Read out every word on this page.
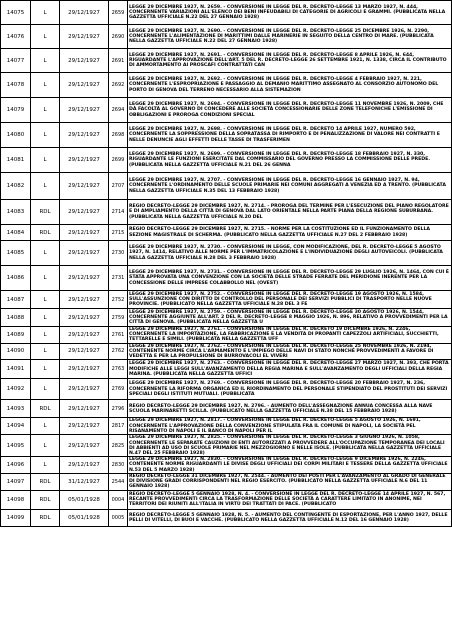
14075	L	29/12/1927	2659	LEGGE 29 DICEMBRE 1927, N. 2659. - CONVERSIONE IN LEGGE DEL R. DECRETO-LEGGE 13 MARZO 1927, N. 444, CONCERNENTE VARIAZIONI ALL'ELENCO DEI BENI INFEUDABILI DI CATEGORIE DI AGRICOLI E GRAMMI. (PUBBLICATA NELLA GAZZETTA UFFICIALE N.22 DEL 27 GENNAIO 1928)
14076	L	29/12/1927	2690	LEGGE 29 DICEMBRE 1927, N. 2690. - CONVERSIONE IN LEGGE DEL R. DECRETO-LEGGE 25 DICEMBRE 1926, N. 2290, CONCERNENTE L'ALIMENTAZIONE DI MARITTIMI DALLE MARINERIE IN SEGUITO DELLA CENTRO DI MARE. (PUBBLICATA NELLA GAZZETTA UFFICIALE N.22 DEL 27 GENNAIO 1928)
14077	L	29/12/1927	2691	LEGGE 29 DICEMBRE 1927, N. 2691. - CONVERSIONE IN LEGGE DEL R. DECRETO-LEGGE 8 APRILE 1926, N. 644, RIGUARDANTE L'APPROVAZIONE DELL'ART. 5 DEL R. DECRETO-LEGGE 26 SETTEMBRE 1921, N. 1338, CIRCA IL CONTRIBUTO DI AMMORTAMENTO AI PROSCAFI CONTRATTATI CAN
14078	L	29/12/1927	2692	LEGGE 29 DICEMBRE 1927, N. 2692. - CONVERSIONE IN LEGGE DEL R. DECRETO-LEGGE 4 FEBBRAIO 1927, N. 221, CONCERNENTE L'ESPROPRIAZIONE E PASSAGGIO AL DEMANIO MARITTIMO ASSEGNATO AL CONSORZIO AUTONOMO DEL PORTO DI GENOVA DEL TERRENO NECESSARIO ALLA SISTEMAZION
14079	L	29/12/1927	2694	LEGGE 29 DICEMBRE 1927, N. 2694. - CONVERSIONE IN LEGGE DEL R. DECRETO-LEGGE 11 NOVEMBRE 1926, N. 2009, CHE DÀ FACOLTÀ AL GOVERNO DI CONCEDERE ALLE SOCIETÀ CONCESSIONARIE DELLE ZONE TELEFONICHE L'EMISSIONE DI OBBLIGAZIONI E PROROGA CONDIZIONI SPECIAL
14080	L	29/12/1927	2698	LEGGE 29 DICEMBRE 1927, N. 2698. - CONVERSIONE IN LEGGE DEL R. DECRETO 14 APRILE 1927, NUMERO 592, CONCERNENTE LA SOPPRESSIONE DELLA SOPRATASSA DI RIMPORTO E DI PENALIZZAZIONE DI VALORE NEI CONTRATTI E NELLE DENUNCIE AGLI EFFETTI DELLE TASSE DI TRASFERIMEN
14081	L	29/12/1927	2699	LEGGE 29 DICEMBRE 1927, N. 2699. - CONVERSIONE IN LEGGE DEL R. DECRETO-LEGGE 18 FEBBRAIO 1927, N. 330, RIGUARDANTE LE FUNZIONI ESERCITATE DAL COMMISSARIO DEL GOVERNO PRESSO LA COMMISSIONE DELLE PREDE. (PUBBLICATA NELLA GAZZETTA UFFICIALE N.21 DEL 26 GENNA
14082	L	29/12/1927	2707	LEGGE 29 DICEMBRE 1927, N. 2707. - CONVERSIONE IN LEGGE DEL R. DECRETO-LEGGE 16 GENNAIO 1927, N. 94, CONCERNENTE L'ORDINAMENTO DELLE SCUOLE PRIMARIE NEI COMUNI AGGREGATI A VENEZIA ED A TRENTO. (PUBBLICATA NELLA GAZZETTA UFFICIALE N.35 DEL 13 FEBBRAIO 1928)
14083	RDL	29/12/1927	2714	REGIO DECRETO-LEGGE 29 DICEMBRE 1927, N. 2714. - PROROGA DEL TERMINE PER L'ESECUZIONE DEL PIANO REGOLATORE E DI AMPLIAMENTO DELLA CITTÀ DI GENOVA DAL LATO ORIENTALE NELLA PARTE PIANA DELLA REGIONE SUBURBANA. (PUBBLICATA NELLA GAZZETTA UFFICIALE N.20 DEL
14084	RDL	29/12/1927	2715	REGIO DECRETO-LEGGE 29 DICEMBRE 1927, N. 2715. - NORME PER LA COSTITUZIONE ED IL FUNZIONAMENTO DELLA SEZIONE MAGISTRALE DI SCHERMA. (PUBBLICATO NELLA GAZZETTA UFFICIALE N.27 DEL 2 FEBBRAIO 1928)
14085	L	29/12/1927	2730	LEGGE 29 DICEMBRE 1927, N. 2730. - CONVERSIONE IN LEGGE, CON MODIFICAZIONE, DEL R. DECRETO-LEGGE 5 AGOSTO 1927, N. 1414, RELATIVO ALLE NORME PER L'IMMATRICOLAZIONE E L'INDIVIDUAZIONE DEGLI AUTOVEICOLI. (PUBBLICATA NELLA GAZZETTA UFFICIALE N.28 DEL 3 FEBBRAIO 1928)
14086	L	29/12/1927	2731	LEGGE 29 DICEMBRE 1927, N. 2731. - CONVERSIONE IN LEGGE DEL R. DECRETO-LEGGE 29 LUGLIO 1926, N. 1464, CON CUI È STATA APPROVATA UNA CONVENZIONE CON LA SOCIETÀ DELLE STRADE FERRATE DEL MERIDIONE INERENTE PER LA CONCESSIONE DELLE IMPRESE COLABBOLLO NEL (OVEST)
14087	L	29/12/1927	2752	LEGGE 29 DICEMBRE 1927, N. 2752. - CONVERSIONE IN LEGGE DEL R. DECRETO-LEGGE 19 AGOSTO 1926, N. 1584, SULL'ASSUNZIONE CON DIRITTO DI CONTROLLO DEL PERSONALE DEI SERVIZI PUBBLICI DI TRASPORTO NELLE NUOVE PROVINCIE. (PUBBLICATO NELLA GAZZETTA UFFICIALE N.28 DEL 3 FE
14088	L	29/12/1927	2759	LEGGE 29 DICEMBRE 1927, N. 2759. - CONVERSIONE IN LEGGE DEL R. DECRETO-LEGGE 30 AGOSTO 1926, N. 1544, CONCERNENTE AGGIUNTE ALL'ART. 2 DEL R. DECRETO-LEGGE 8 MAGGIO 1926, N. 896, RELATIVO A PROVVEDIMENTI PER LA CITTÀ DI GENOVA. (PUBBLICATA NELLA GAZZETTA U
14089	L	29/12/1927	2761	LEGGE 29 DICEMBRE 1927, N. 2761. - CONVERSIONE IN LEGGE DEL R. DECRETO 19 DICEMBRE 1926, N. 2246, CONCERNENTE LA IMPORTAZIONE, LA FABBRICAZIONE E LA VENDITA DI PROPANTI CAPEZZOLI ARTIFICIALI, SUCCHIETTI, TETTARELLE E SIMILI. (PUBBLICATA NELLA GAZZETTA UFF
14090	L	29/12/1927	2762	LEGGE 29 DICEMBRE 1927, N. 2762. - CONVERSIONE IN LEGGE DEL R. DECRETO-LEGGE 25 NOVEMBRE 1926, N. 2194, CONTENENTE NORME CIRCA L'ARMAMENTO E L'IMPIEGO DELLE NAVI DI STATO NONCHÉ PROVVEDIMENTI A FAVORE DI VEDETTA E PER LA PROPULSIONE DI BURROVACOLI EL VIVERI
14091	L	29/12/1927	2763	LEGGE 29 DICEMBRE 1927, N. 2763. - CONVERSIONE IN LEGGE DEL R. DECRETO-LEGGE 27 MARZO 1927, N. 393, CHE PORTA MODIFICHE ALLE LEGGI SULL'AVANZAMENTO DELLA REGIA MARINA E SULL'AVANZAMENTO DEGLI UFFICIALI DELLA REGIA MARINA. (PUBBLICATA NELLA GAZZETTA UFFICI
14092	L	29/12/1927	2769	LEGGE 29 DICEMBRE 1927, N. 2769. - CONVERSIONE IN LEGGE DEL R. DECRETO-LEGGE 20 FEBBRAIO 1927, N. 236, CONCERNENTE LA RIFORMA ORGANICA ED IL RIORDINAMENTO DEL PERSONALE STIPENDIATO DEL PROSTITUTI DEI SERVIZI SPECIALI DEGLI ISTITUTI MUTUALI. (PUBBLICATA
14093	RDL	29/12/1927	2796	REGIO DECRETO-LEGGE 29 DICEMBRE 1927, N. 2796. - AUMENTO DELL'ASSEGNAZIONE ANNUA CONCESSA ALLA NAVE SCUOLA MARINARETTI SCILLA. (PUBBLICATO NELLA GAZZETTA UFFICIALE N.38 DEL 15 FEBBRAIO 1928)
14094	L	29/12/1927	2817	LEGGE 29 DICEMBRE 1927, N. 2817. - CONVERSIONE IN LEGGE DEL R. DECRETO-LEGGE 5 AGOSTO 1926, N. 1691, CONCERNENTE L'APPROVAZIONE DELLA CONVENZIONE STIPULATA FRA IL COMUNE DI NAPOLI, LA SOCIETÀ PEL RISANAMENTO DI NAPOLI E IL BANCO DI NAPOLI PER IL
14095	L	29/12/1927	2825	LEGGE 29 DICEMBRE 1927, N. 2825. - CONVERSIONE IN LEGGE DEL R. DECRETO-LEGGE 3 GIUGNO 1926, N. 1058, CONCERNENTE LE SEPARATE CAUZIONI DI ENTI AUTORIZZATI A PROVVEDERE ALL'OCCUPAZIONE TEMPORANEA DEI LOCALI DI ABBIENTI AD USO DI SCUOLE PRIMARIE NEL MEZZOGIORNO E NELLE ISOLE. (PUBBLICATA NELLA GAZZETTA UFFICIALE N.47 DEL 25 FEBBRAIO 1928)
14096	L	29/12/1927	2830	LEGGE 29 DICEMBRE 1927, N. 2830. - CONVERSIONE IN LEGGE DEL R. DECRETO-LEGGE 9 DICEMBRE 1926, N. 2246, CONTENENTE NORME RIGUARDANTI LE DIVISE DEGLI UFFICIALI DEI CORPI MILITARI E TESSERE DELLA GAZZETTA UFFICIALE N.53 DEL 5 MARZO 1928)
14097	RDL	31/12/1927	2544	REGIO DECRETO-LEGGE 31 DICEMBRE 1927, N. 2544. - AUMENTO DEI POSTI PER L'AVANZAMENTO AL GRADO DI GENERALE DI DIVISIONE GRADI CORRISPONDENTI NEL REGIO ESERCITO. (PUBBLICATO NELLA GAZZETTA UFFICIALE N.6 DEL 11 GENNAIO 1928)
14098	RDL	05/01/1928	0004	REGIO DECRETO-LEGGE 5 GENNAIO 1928, N. 4. - CONVERSIONE IN LEGGE DEL R. DECRETO-LEGGE 14 APRILE 1927, N. 567, RECANTE PROVVEDIMENTI CIRCA LA TRASFORMAZIONE DELLE SOCIETÀ A CARATTERE LIMITATO IN ANONIME, NEI TERRITORI DEI RIUNITI ALL'ITALIA IN VIRTÙ DEI TRATTATI DI PACE. (PUBBLICATO
14099	RDL	05/01/1928	0005	REGIO DECRETO-LEGGE 5 GENNAIO 1928, N. 5. - AUMENTO DEL CONTINGENTE DI ESPORTAZIONE, PER L'ANNO 1927, DELLE PELLI DI VITELLI, DI BUOI E VACCHE. (PUBBLICATO NELLA GAZZETTA UFFICIALE N.12 DEL 16 GENNAIO 1928)
